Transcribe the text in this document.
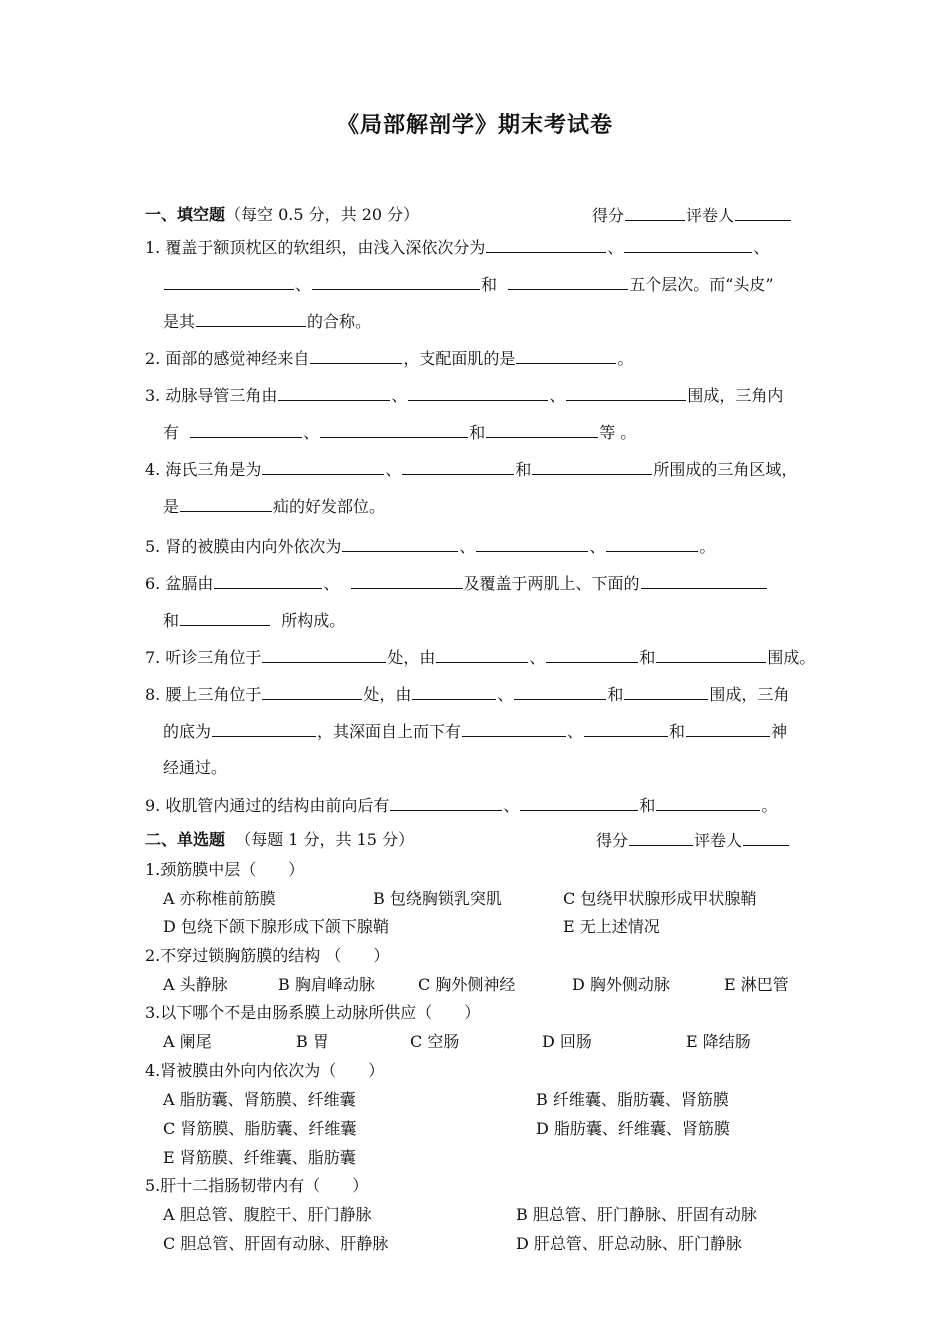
《局部解剖学》期末考试卷
一、填空题（每空 0.5 分，共 20 分）	得分	评卷人
1. 覆盖于额顶枕区的软组织，由浅入深依次分为	、	、
、	和	五个层次。而“头皮”
是其	的合称。
2. 面部的感觉神经来自	，支配面肌的是	。
3. 动脉导管三角由	、	、	围成，三角内
有	、	和	等 。
4. 海氏三角是为	、	和	所围成的三角区域，
是	疝的好发部位。
5. 肾的被膜由内向外依次为	、	、	。
6. 盆膈由	、	及覆盖于两肌上、下面的
和	所构成。
7. 听诊三角位于	处，由	、	和	围成。
8. 腰上三角位于	处，由	、	和	围成，三角
的底为	，其深面自上而下有	、	和	神
经通过。
9. 收肌管内通过的结构由前向后有	、	和	。
二、单选题 （每题 1 分，共 15 分）	得分	评卷人
1.颈筋膜中层（　　）
A 亦称椎前筋膜	B 包绕胸锁乳突肌	C 包绕甲状腺形成甲状腺鞘
D 包绕下颌下腺形成下颌下腺鞘	E 无上述情况
2.不穿过锁胸筋膜的结构 （　　）
A 头静脉	B 胸肩峰动脉	C 胸外侧神经	D 胸外侧动脉	E 淋巴管
3.以下哪个不是由肠系膜上动脉所供应（　　）
A 阑尾	B 胃	C 空肠	D 回肠	E 降结肠
4.肾被膜由外向内依次为（　　）
A 脂肪囊、肾筋膜、纤维囊	B 纤维囊、脂肪囊、肾筋膜
C 肾筋膜、脂肪囊、纤维囊	D 脂肪囊、纤维囊、肾筋膜
E 肾筋膜、纤维囊、脂肪囊
5.肝十二指肠韧带内有（　　）
A 胆总管、腹腔干、肝门静脉	B 胆总管、肝门静脉、肝固有动脉
C 胆总管、肝固有动脉、肝静脉	D 肝总管、肝总动脉、肝门静脉
